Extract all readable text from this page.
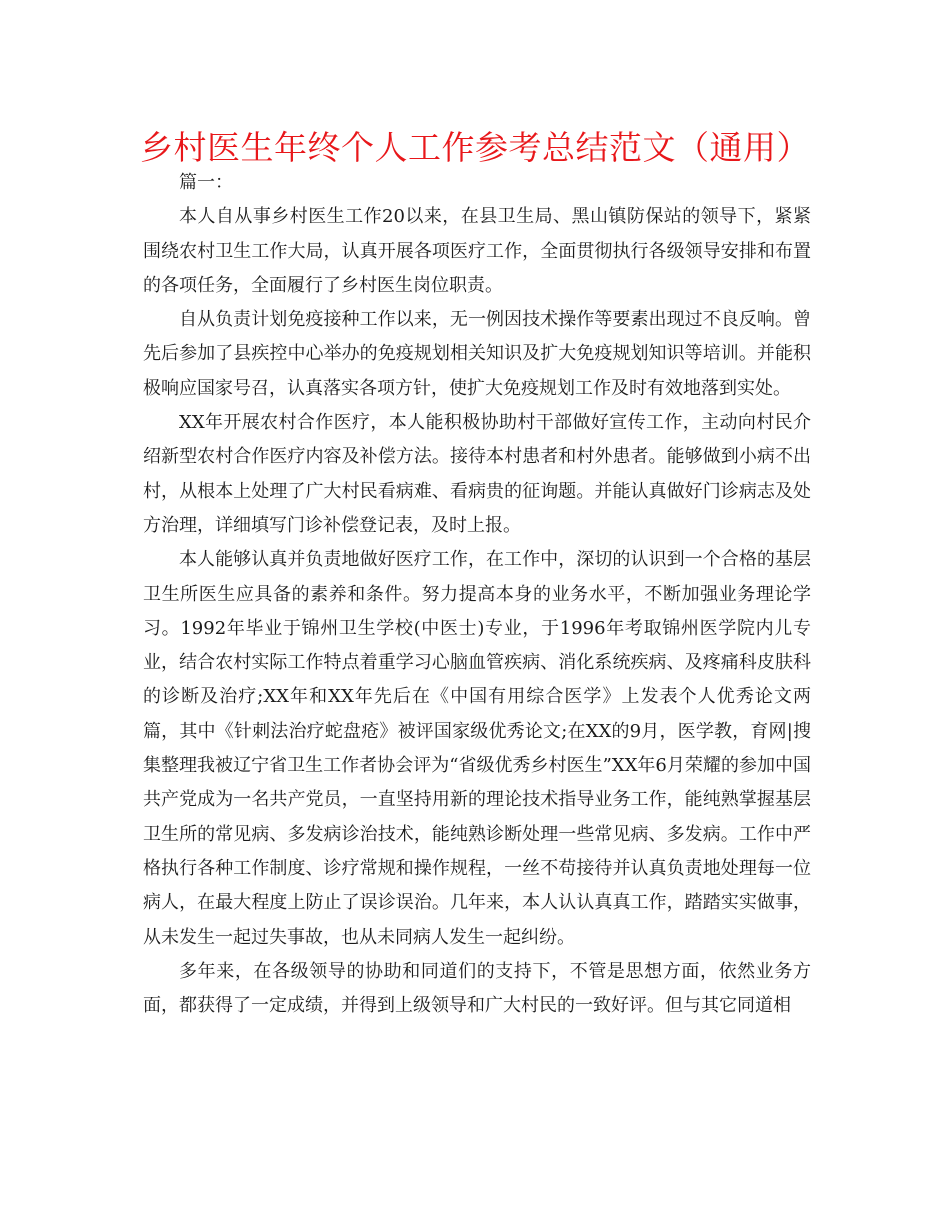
乡村医生年终个人工作参考总结范文（通用）

篇一：

本人自从事乡村医生工作20以来，在县卫生局、黑山镇防保站的领导下，紧紧围绕农村卫生工作大局，认真开展各项医疗工作，全面贯彻执行各级领导安排和布置的各项任务，全面履行了乡村医生岗位职责。

自从负责计划免疫接种工作以来，无一例因技术操作等要素出现过不良反响。曾先后参加了县疾控中心举办的免疫规划相关知识及扩大免疫规划知识等培训。并能积极响应国家号召，认真落实各项方针，使扩大免疫规划工作及时有效地落到实处。

XX年开展农村合作医疗，本人能积极协助村干部做好宣传工作，主动向村民介绍新型农村合作医疗内容及补偿方法。接待本村患者和村外患者。能够做到小病不出村，从根本上处理了广大村民看病难、看病贵的征询题。并能认真做好门诊病志及处方治理，详细填写门诊补偿登记表，及时上报。

本人能够认真并负责地做好医疗工作，在工作中，深切的认识到一个合格的基层卫生所医生应具备的素养和条件。努力提高本身的业务水平，不断加强业务理论学习。1992年毕业于锦州卫生学校(中医士)专业，于1996年考取锦州医学院内儿专业，结合农村实际工作特点着重学习心脑血管疾病、消化系统疾病、及疼痛科皮肤科的诊断及治疗;XX年和XX年先后在《中国有用综合医学》上发表个人优秀论文两篇，其中《针刺法治疗蛇盘疮》被评国家级优秀论文;在XX的9月，医学教，育网|搜集整理我被辽宁省卫生工作者协会评为“省级优秀乡村医生”XX年6月荣耀的参加中国共产党成为一名共产党员，一直坚持用新的理论技术指导业务工作，能纯熟掌握基层卫生所的常见病、多发病诊治技术，能纯熟诊断处理一些常见病、多发病。工作中严格执行各种工作制度、诊疗常规和操作规程，一丝不苟接待并认真负责地处理每一位病人，在最大程度上防止了误诊误治。几年来，本人认认真真工作，踏踏实实做事，从未发生一起过失事故，也从未同病人发生一起纠纷。

多年来，在各级领导的协助和同道们的支持下，不管是思想方面，依然业务方面，都获得了一定成绩，并得到上级领导和广大村民的一致好评。但与其它同道相
